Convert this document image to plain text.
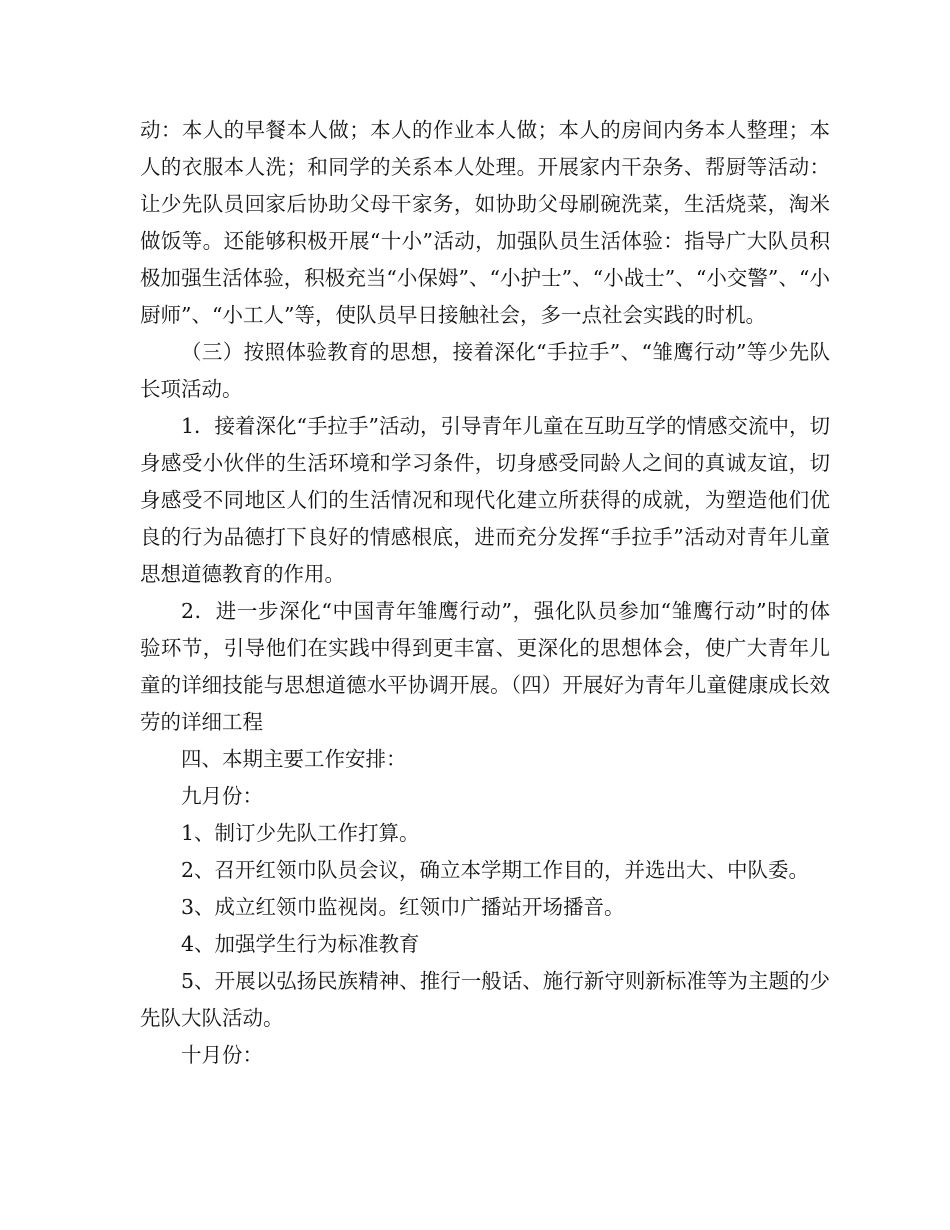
动：本人的早餐本人做；本人的作业本人做；本人的房间内务本人整理；本人的衣服本人洗；和同学的关系本人处理。开展家内干杂务、帮厨等活动：让少先队员回家后协助父母干家务，如协助父母刷碗洗菜，生活烧菜，淘米做饭等。还能够积极开展“十小”活动，加强队员生活体验：指导广大队员积极加强生活体验，积极充当“小保姆”、“小护士”、“小战士”、“小交警”、“小厨师”、“小工人”等，使队员早日接触社会，多一点社会实践的时机。

（三）按照体验教育的思想，接着深化“手拉手”、“雏鹰行动”等少先队长项活动。

1．接着深化“手拉手”活动，引导青年儿童在互助互学的情感交流中，切身感受小伙伴的生活环境和学习条件，切身感受同龄人之间的真诚友谊，切身感受不同地区人们的生活情况和现代化建立所获得的成就，为塑造他们优良的行为品德打下良好的情感根底，进而充分发挥“手拉手”活动对青年儿童思想道德教育的作用。

2．进一步深化“中国青年雏鹰行动”，强化队员参加“雏鹰行动”时的体验环节，引导他们在实践中得到更丰富、更深化的思想体会，使广大青年儿童的详细技能与思想道德水平协调开展。（四）开展好为青年儿童健康成长效劳的详细工程

四、本期主要工作安排：

九月份：

1、制订少先队工作打算。

2、召开红领巾队员会议，确立本学期工作目的，并选出大、中队委。

3、成立红领巾监视岗。红领巾广播站开场播音。

4、加强学生行为标准教育

5、开展以弘扬民族精神、推行一般话、施行新守则新标准等为主题的少先队大队活动。

十月份：
